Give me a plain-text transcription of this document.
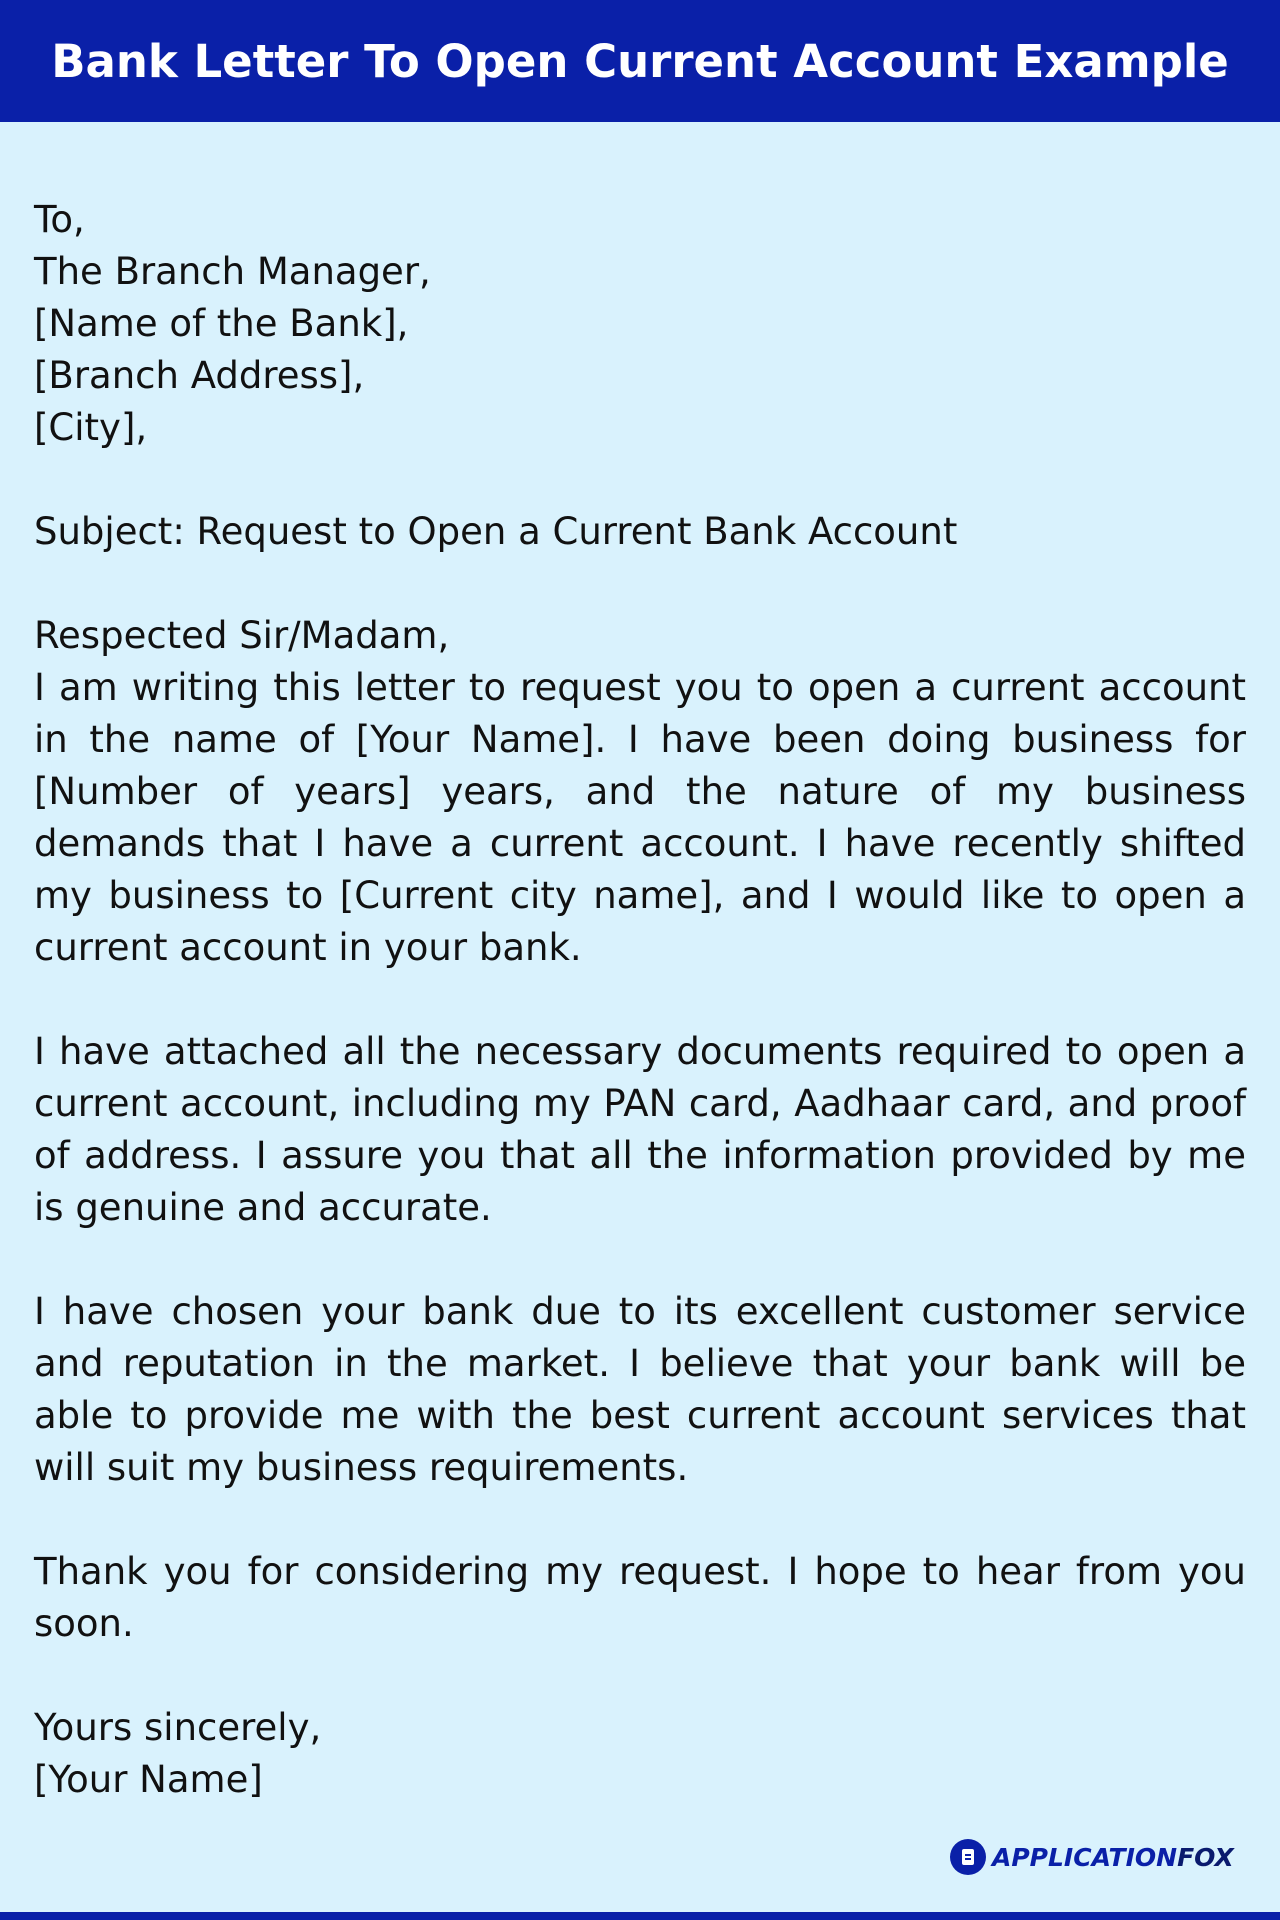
Bank Letter To Open Current Account Example
To,
The Branch Manager,
[Name of the Bank],
[Branch Address],
[City],
Subject: Request to Open a Current Bank Account
Respected Sir/Madam,
I am writing this letter to request you to open a current account in the name of [Your Name]. I have been doing business for [Number of years] years, and the nature of my business demands that I have a current account. I have recently shifted my business to [Current city name], and I would like to open a current account in your bank.
I have attached all the necessary documents required to open a current account, including my PAN card, Aadhaar card, and proof of address. I assure you that all the information provided by me is genuine and accurate.
I have chosen your bank due to its excellent customer service and reputation in the market. I believe that your bank will be able to provide me with the best current account services that will suit my business requirements.
Thank you for considering my request. I hope to hear from you soon.
Yours sincerely,
[Your Name]
APPLICATIONFOX
